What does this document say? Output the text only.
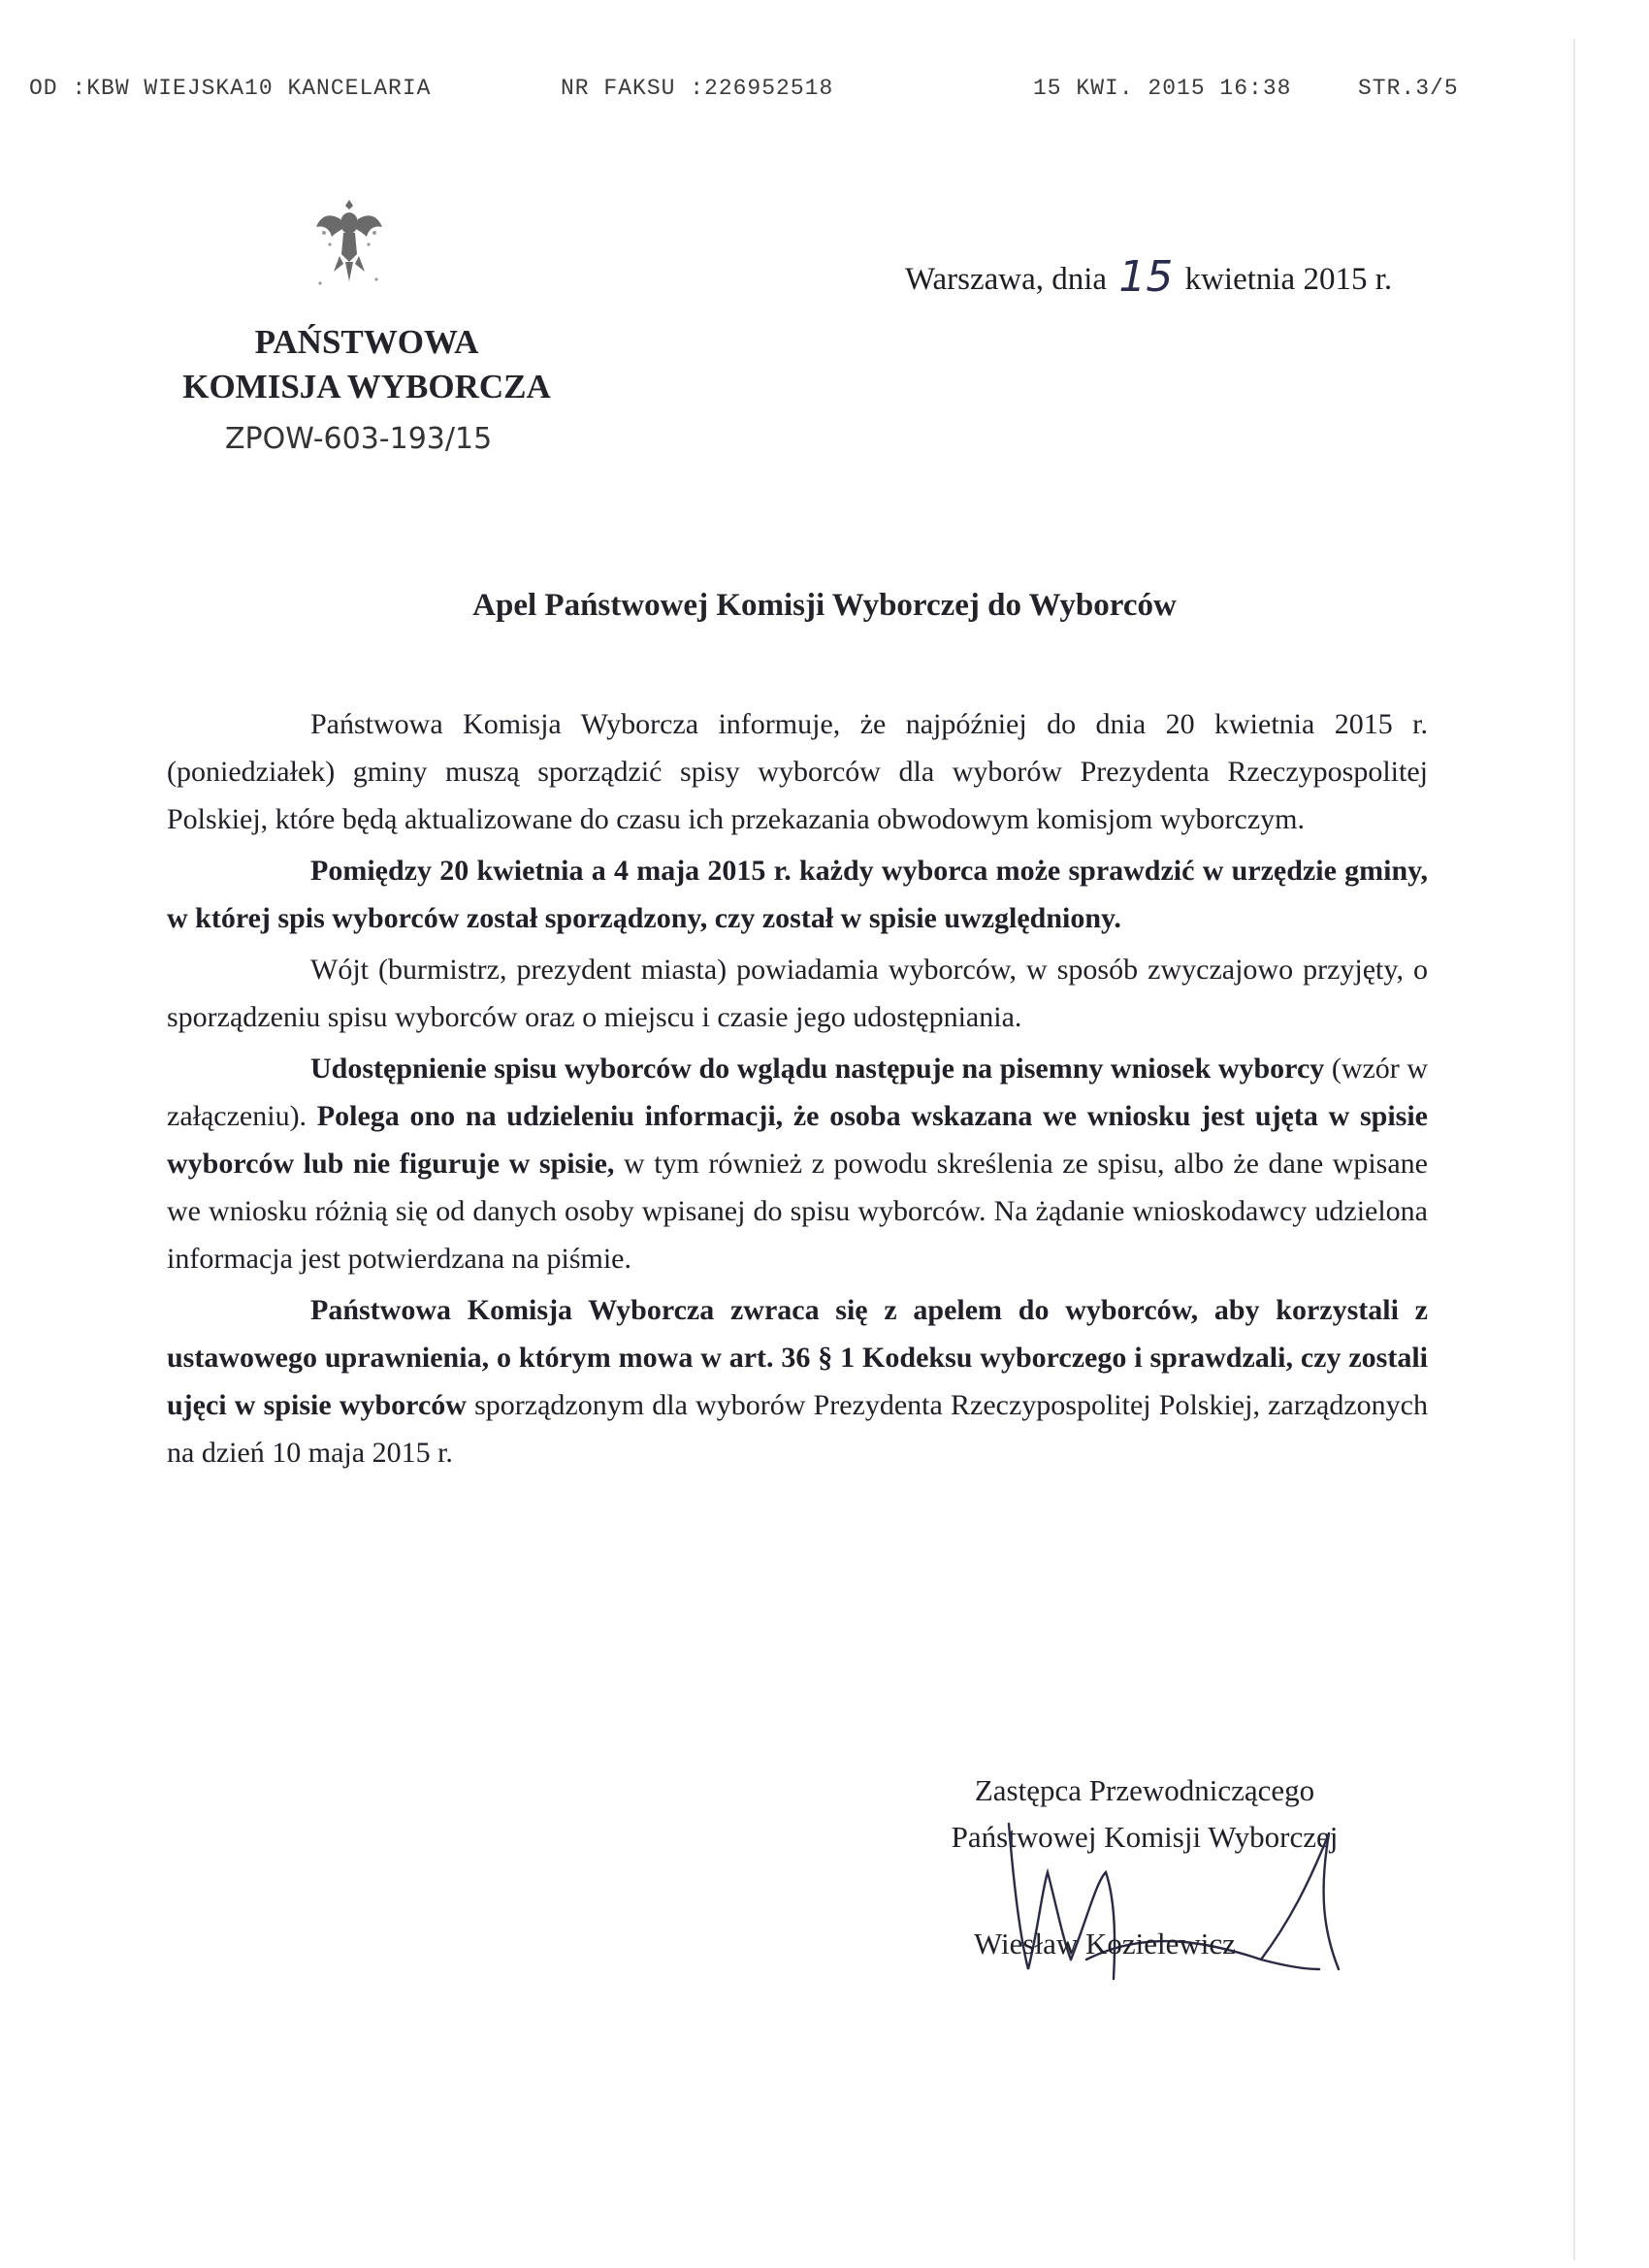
OD :KBW WIEJSKA10 KANCELARIA	NR FAKSU :226952518	15 KWI. 2015 16:38	STR.3/5
Warszawa, dnia 15 kwietnia 2015 r.
PAŃSTWOWA
KOMISJA WYBORCZA
ZPOW-603-193/15
Apel Państwowej Komisji Wyborczej do Wyborców

Państwowa Komisja Wyborcza informuje, że najpóźniej do dnia 20 kwietnia 2015 r. (poniedziałek) gminy muszą sporządzić spisy wyborców dla wyborów Prezydenta Rzeczypospolitej Polskiej, które będą aktualizowane do czasu ich przekazania obwodowym komisjom wyborczym.

Pomiędzy 20 kwietnia a 4 maja 2015 r. każdy wyborca może sprawdzić w urzędzie gminy, w której spis wyborców został sporządzony, czy został w spisie uwzględniony.

Wójt (burmistrz, prezydent miasta) powiadamia wyborców, w sposób zwyczajowo przyjęty, o sporządzeniu spisu wyborców oraz o miejscu i czasie jego udostępniania.

Udostępnienie spisu wyborców do wglądu następuje na pisemny wniosek wyborcy (wzór w załączeniu). Polega ono na udzieleniu informacji, że osoba wskazana we wniosku jest ujęta w spisie wyborców lub nie figuruje w spisie, w tym również z powodu skreślenia ze spisu, albo że dane wpisane we wniosku różnią się od danych osoby wpisanej do spisu wyborców. Na żądanie wnioskodawcy udzielona informacja jest potwierdzana na piśmie.

Państwowa Komisja Wyborcza zwraca się z apelem do wyborców, aby korzystali z ustawowego uprawnienia, o którym mowa w art. 36 § 1 Kodeksu wyborczego i sprawdzali, czy zostali ujęci w spisie wyborców sporządzonym dla wyborów Prezydenta Rzeczypospolitej Polskiej, zarządzonych na dzień 10 maja 2015 r.

Zastępca Przewodniczącego
Państwowej Komisji Wyborczej
Wiesław Kozielewicz
